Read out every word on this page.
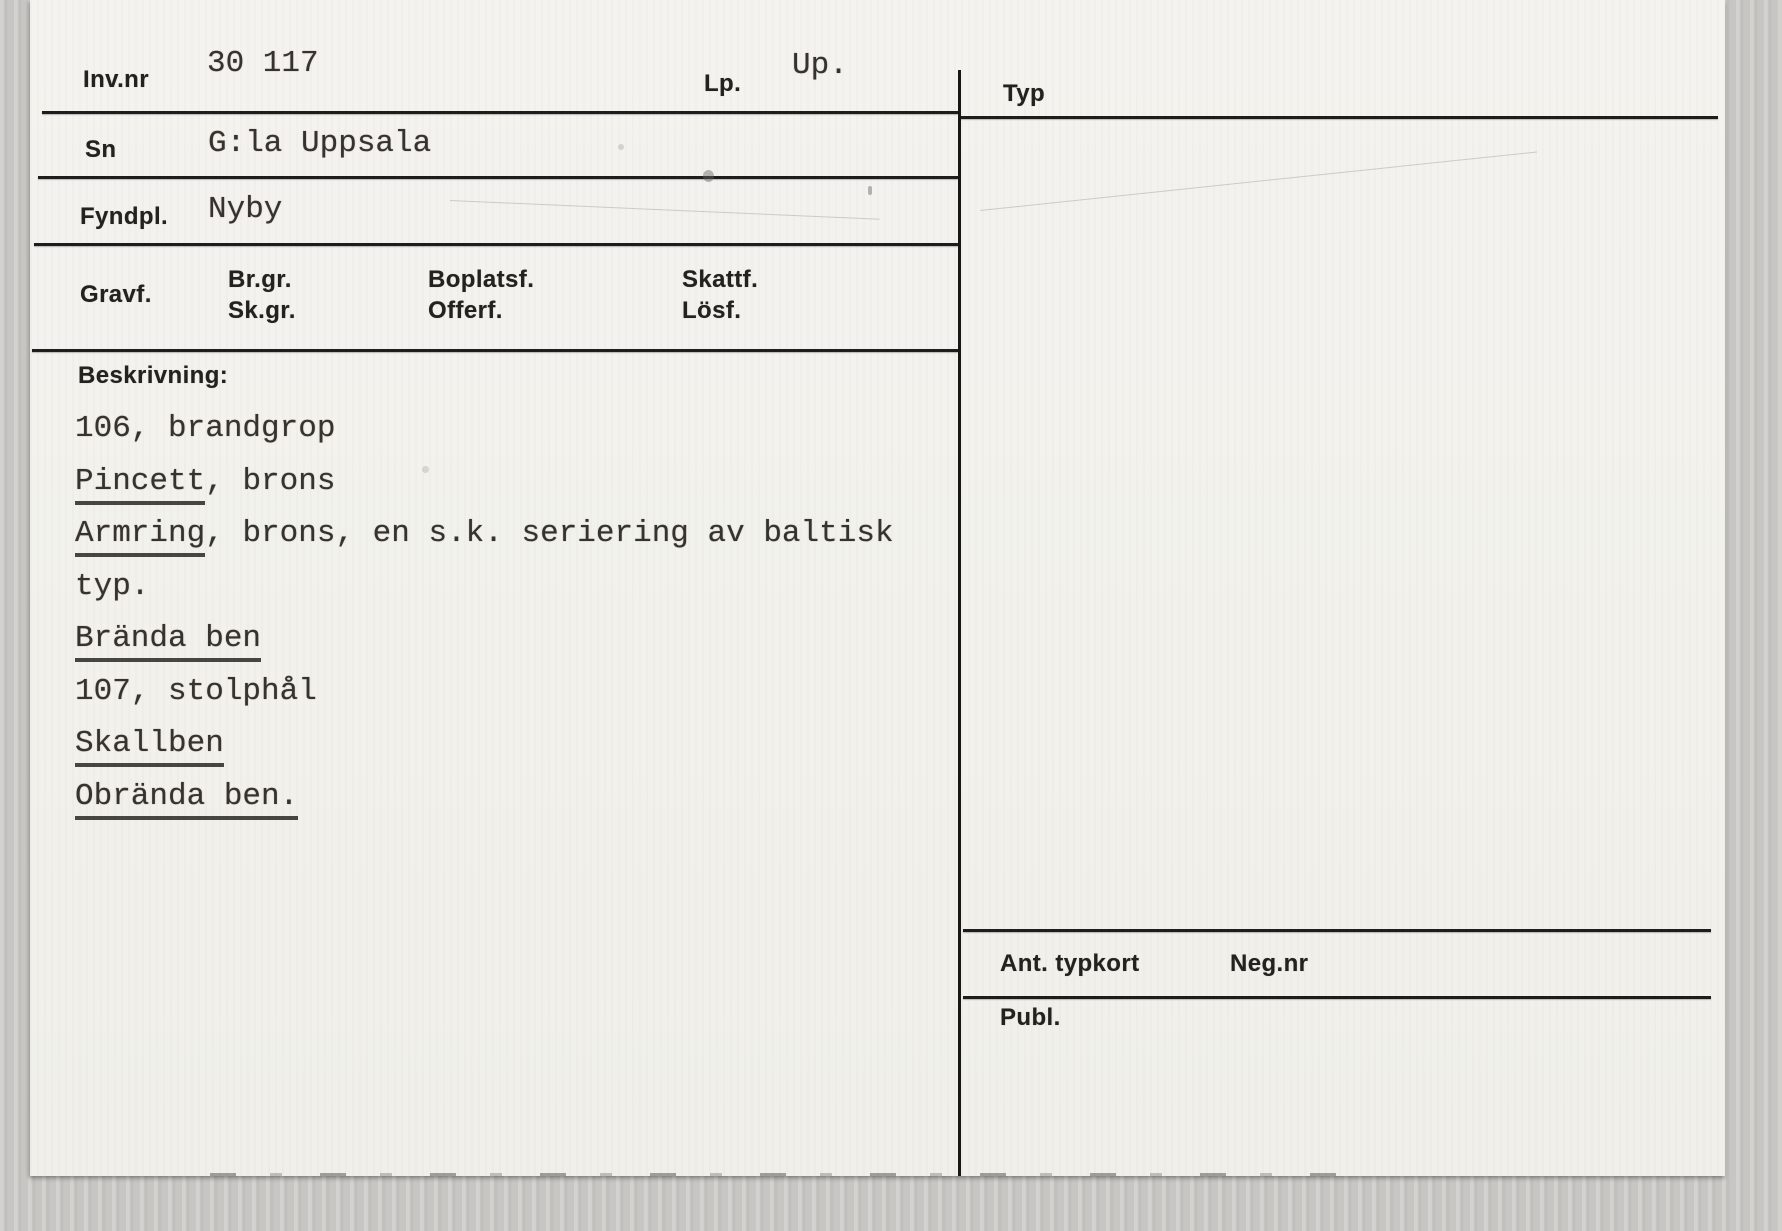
Inv.nr 30 117
Lp.
Up.
Sn	G:la Uppsala
Fyndpl. Nyby
Gravf.
Br.gr.
Sk.gr.
Boplatsf.
Offerf.
Skattf.
Lösf.
Beskrivning:
106, brandgrop
Pincett, brons
Armring, brons, en s.k. seriering av baltisk
typ.
Brända ben
107, stolphål
Skallben
Obrända ben.
Typ
Ant. typkort	Neg.nr
Publ.
